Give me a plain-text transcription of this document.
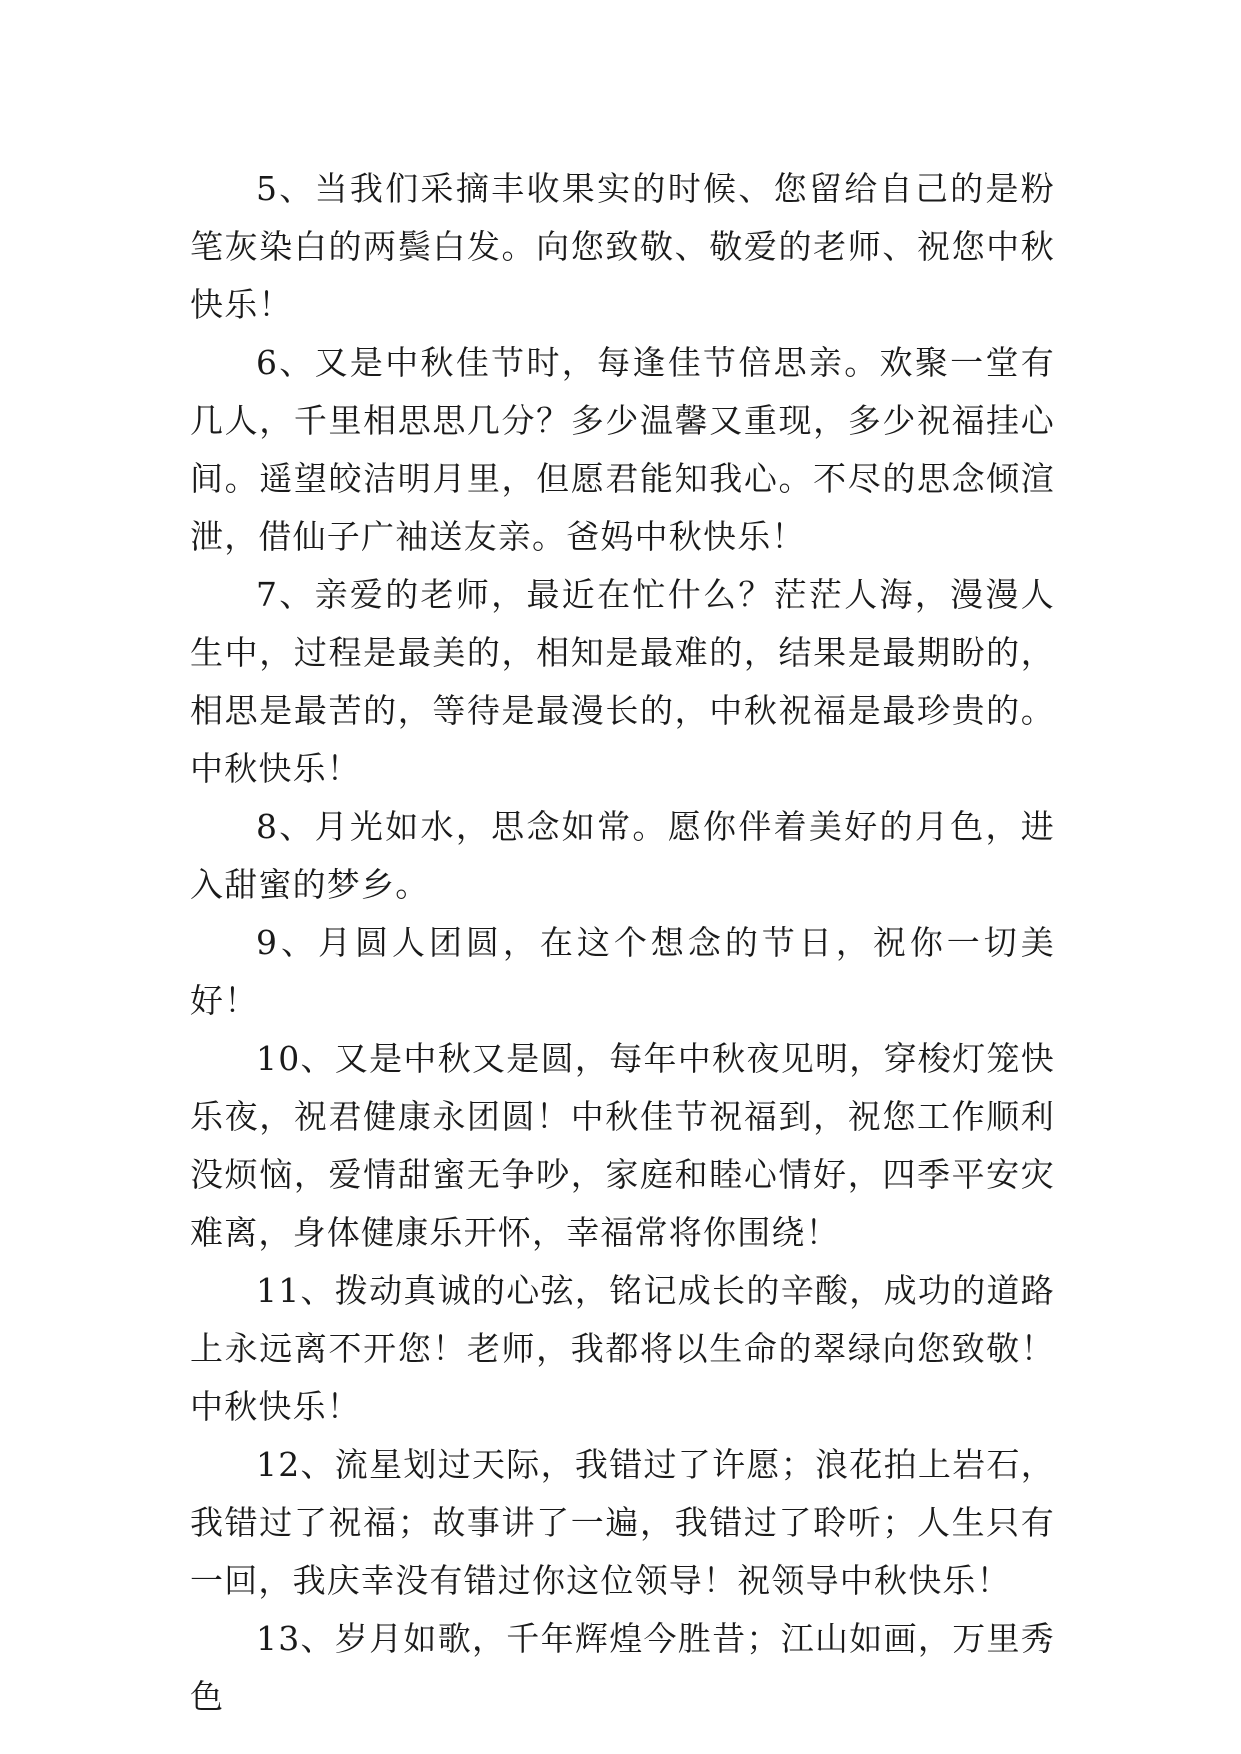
5、当我们采摘丰收果实的时候、您留给自己的是粉笔灰染白的两鬓白发。向您致敬、敬爱的老师、祝您中秋快乐！

6、又是中秋佳节时，每逢佳节倍思亲。欢聚一堂有几人，千里相思思几分？多少温馨又重现，多少祝福挂心间。遥望皎洁明月里，但愿君能知我心。不尽的思念倾渲泄，借仙子广袖送友亲。爸妈中秋快乐！

7、亲爱的老师，最近在忙什么？茫茫人海，漫漫人生中，过程是最美的，相知是最难的，结果是最期盼的，相思是最苦的，等待是最漫长的，中秋祝福是最珍贵的。中秋快乐！

8、月光如水，思念如常。愿你伴着美好的月色，进入甜蜜的梦乡。

9、月圆人团圆，在这个想念的节日，祝你一切美好！

10、又是中秋又是圆，每年中秋夜见明，穿梭灯笼快乐夜，祝君健康永团圆！中秋佳节祝福到，祝您工作顺利没烦恼，爱情甜蜜无争吵，家庭和睦心情好，四季平安灾难离，身体健康乐开怀，幸福常将你围绕！

11、拨动真诚的心弦，铭记成长的辛酸，成功的道路上永远离不开您！老师，我都将以生命的翠绿向您致敬！中秋快乐！

12、流星划过天际，我错过了许愿；浪花拍上岩石，我错过了祝福；故事讲了一遍，我错过了聆听；人生只有一回，我庆幸没有错过你这位领导！祝领导中秋快乐！

13、岁月如歌，千年辉煌今胜昔；江山如画，万里秀色
